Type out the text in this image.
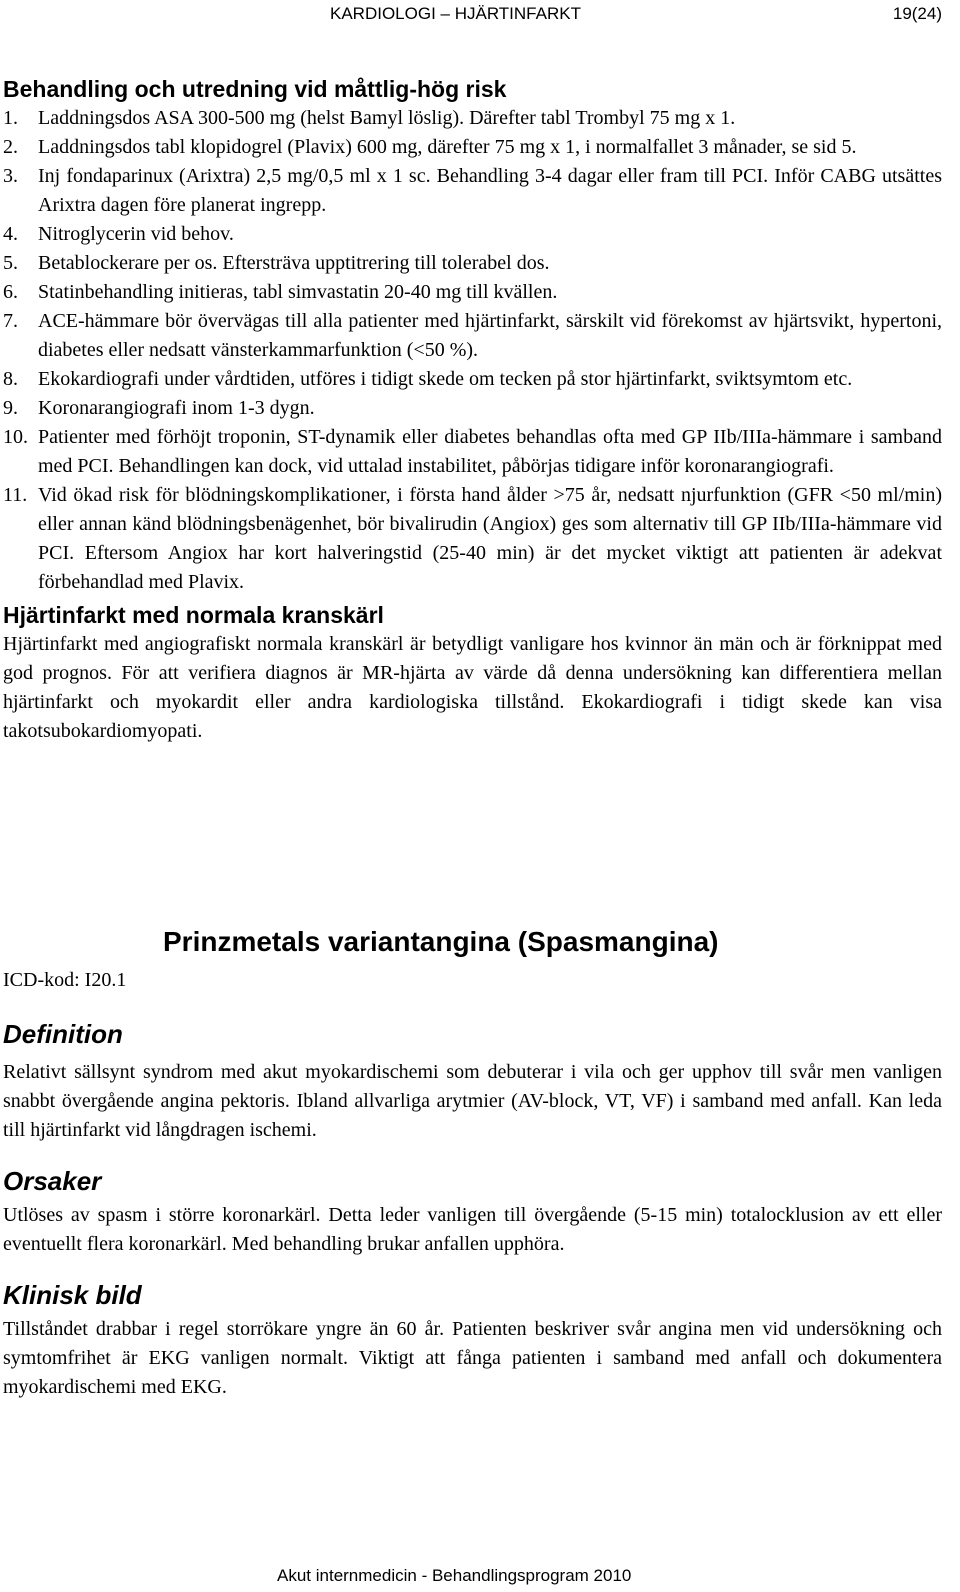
KARDIOLOGI – HJÄRTINFARKT	19(24)
Behandling och utredning vid måttlig-hög risk
1. Laddningsdos ASA 300-500 mg (helst Bamyl löslig). Därefter tabl Trombyl 75 mg x 1.
2. Laddningsdos tabl klopidogrel (Plavix) 600 mg, därefter 75 mg x 1, i normalfallet 3 månader, se sid 5.
3. Inj fondaparinux (Arixtra) 2,5 mg/0,5 ml x 1 sc. Behandling 3-4 dagar eller fram till PCI. Inför CABG utsättes Arixtra dagen före planerat ingrepp.
4. Nitroglycerin vid behov.
5. Betablockerare per os. Eftersträva upptitrering till tolerabel dos.
6. Statinbehandling initieras, tabl simvastatin 20-40 mg till kvällen.
7. ACE-hämmare bör övervägas till alla patienter med hjärtinfarkt, särskilt vid förekomst av hjärtsvikt, hypertoni, diabetes eller nedsatt vänsterkammarfunktion (<50 %).
8. Ekokardiografi under vårdtiden, utföres i tidigt skede om tecken på stor hjärtinfarkt, sviktsymtom etc.
9. Koronarangiografi inom 1-3 dygn.
10. Patienter med förhöjt troponin, ST-dynamik eller diabetes behandlas ofta med GP IIb/IIIa-hämmare i samband med PCI. Behandlingen kan dock, vid uttalad instabilitet, påbörjas tidigare inför koronarangiografi.
11. Vid ökad risk för blödningskomplikationer, i första hand ålder >75 år, nedsatt njurfunktion (GFR <50 ml/min) eller annan känd blödningsbenägenhet, bör bivalirudin (Angiox) ges som alternativ till GP IIb/IIIa-hämmare vid PCI. Eftersom Angiox har kort halveringstid (25-40 min) är det mycket viktigt att patienten är adekvat förbehandlad med Plavix.
Hjärtinfarkt med normala kranskärl

Hjärtinfarkt med angiografiskt normala kranskärl är betydligt vanligare hos kvinnor än män och är förknippat med god prognos. För att verifiera diagnos är MR-hjärta av värde då denna undersökning kan differentiera mellan hjärtinfarkt och myokardit eller andra kardiologiska tillstånd. Ekokardiografi i tidigt skede kan visa takotsubokardiomyopati.

Prinzmetals variantangina (Spasmangina)
ICD-kod: I20.1
Definition

Relativt sällsynt syndrom med akut myokardischemi som debuterar i vila och ger upphov till svår men vanligen snabbt övergående angina pektoris. Ibland allvarliga arytmier (AV-block, VT, VF) i samband med anfall. Kan leda till hjärtinfarkt vid långdragen ischemi.

Orsaker

Utlöses av spasm i större koronarkärl. Detta leder vanligen till övergående (5-15 min) totalocklusion av ett eller eventuellt flera koronarkärl. Med behandling brukar anfallen upphöra.

Klinisk bild

Tillståndet drabbar i regel storrökare yngre än 60 år. Patienten beskriver svår angina men vid undersökning och symtomfrihet är EKG vanligen normalt. Viktigt att fånga patienten i samband med anfall och dokumentera myokardischemi med EKG.

Akut internmedicin - Behandlingsprogram 2010
